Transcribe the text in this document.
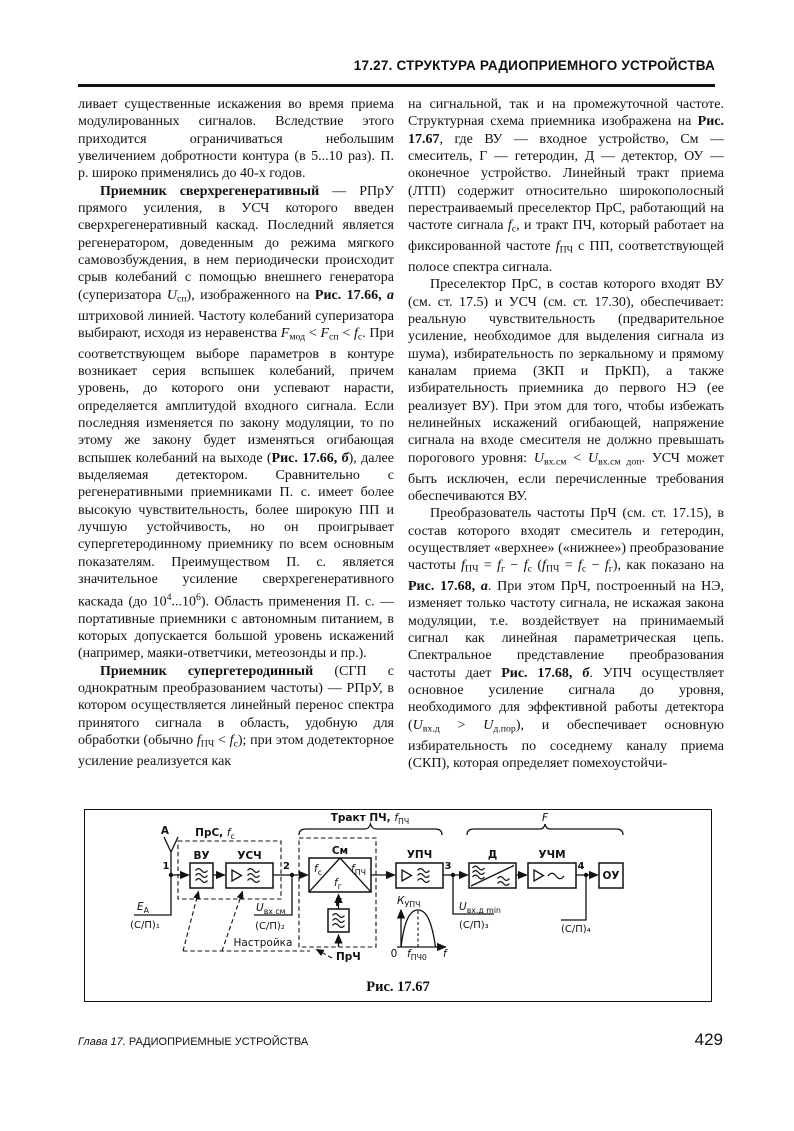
17.27. СТРУКТУРА РАДИОПРИЕМНОГО УСТРОЙСТВА

ливает существенные искажения во время приема модулированных сигналов. Вследствие этого приходится ограничиваться небольшим увеличением добротности контура (в 5...10 раз). П. р. широко применялись до 40-х годов.

Приемник сверхрегенеративный — РПрУ прямого усиления, в УСЧ которого введен сверхрегенеративный каскад. Последний является регенератором, доведенным до режима мягкого самовозбуждения, в нем периодически происходит срыв колебаний с помощью внешнего генератора (суперизатора Uсп), изображенного на Рис. 17.66, а штриховой линией. Частоту колебаний суперизатора выбирают, исходя из неравенства Fмод < Fсп < fс. При соответствующем выборе параметров в контуре возникает серия вспышек колебаний, причем уровень, до которого они успевают нарасти, определяется амплитудой входного сигнала. Если последняя изменяется по закону модуляции, то по этому же закону будет изменяться огибающая вспышек колебаний на выходе (Рис. 17.66, б), далее выделяемая детектором. Сравнительно с регенеративными приемниками П. с. имеет более высокую чувствительность, более широкую ПП и лучшую устойчивость, но он проигрывает супергетеродинному приемнику по всем основным показателям. Преимуществом П. с. является значительное усиление сверхрегенеративного каскада (до $10^4...10^6$). Область применения П. с. — портативные приемники с автономным питанием, в которых допускается большой уровень искажений (например, маяки-ответчики, метеозонды и пр.).

Приемник супергетеродинный (СГП с однократным преобразованием частоты) — РПрУ, в котором осуществляется линейный перенос спектра принятого сигнала в область, удобную для обработки (обычно fПЧ < fс); при этом додетекторное усиление реализуется как

на сигнальной, так и на промежуточной частоте. Структурная схема приемника изображена на Рис. 17.67, где ВУ — входное устройство, См — смеситель, Г — гетеродин, Д — детектор, ОУ — оконечное устройство. Линейный тракт приема (ЛТП) содержит относительно широкополосный перестраиваемый преселектор ПрС, работающий на частоте сигнала fс, и тракт ПЧ, который работает на фиксированной частоте fПЧ с ПП, соответствующей полосе спектра сигнала.

Преселектор ПрС, в состав которого входят ВУ (см. ст. 17.5) и УСЧ (см. ст. 17.30), обеспечивает: реальную чувствительность (предварительное усиление, необходимое для выделения сигнала из шума), избирательность по зеркальному и прямому каналам приема (ЗКП и ПрКП), а также избирательность приемника до первого НЭ (ее реализует ВУ). При этом для того, чтобы избежать нелинейных искажений огибающей, напряжение сигнала на входе смесителя не должно превышать порогового уровня: Uвх.см < Uвх.см доп. УСЧ может быть исключен, если перечисленные требования обеспечиваются ВУ.

Преобразователь частоты ПрЧ (см. ст. 17.15), в состав которого входят смеситель и гетеродин, осуществляет «верхнее» («нижнее») преобразование частоты fПЧ = fг − fс (fПЧ = fс − fг), как показано на Рис. 17.68, а. При этом ПрЧ, построенный на НЭ, изменяет только частоту сигнала, не искажая закона модуляции, т.е. воздействует на принимаемый сигнал как линейная параметрическая цепь. Спектральное представление преобразования частоты дает Рис. 17.68, б. УПЧ осуществляет основное усиление сигнала до уровня, необходимого для эффективной работы детектора (Uвх.д > Uд.пор), и обеспечивает основную избирательность по соседнему каналу приема (СКП), которая определяет помехоустойчи-

А
1
$E_А$
(С/П)₁
ПрС, $f_с$
ВУ	УСЧ
2
$U_{вх см}$
(С/П)₂
Тракт ПЧ, $f_{ПЧ}$
См
$f_с$	$f_{ПЧ}$
$f_г$
Г
Настройка
ПрЧ
УПЧ
3
$U_{вх.д min}$
(С/П)₃
$К_{УПЧ}$
0 $f_{ПЧ0}$ f
Д	УЧМ
4
(С/П)₄
ОУ
F
Рис. 17.67
Глава 17. РАДИОПРИЕМНЫЕ УСТРОЙСТВА	429
